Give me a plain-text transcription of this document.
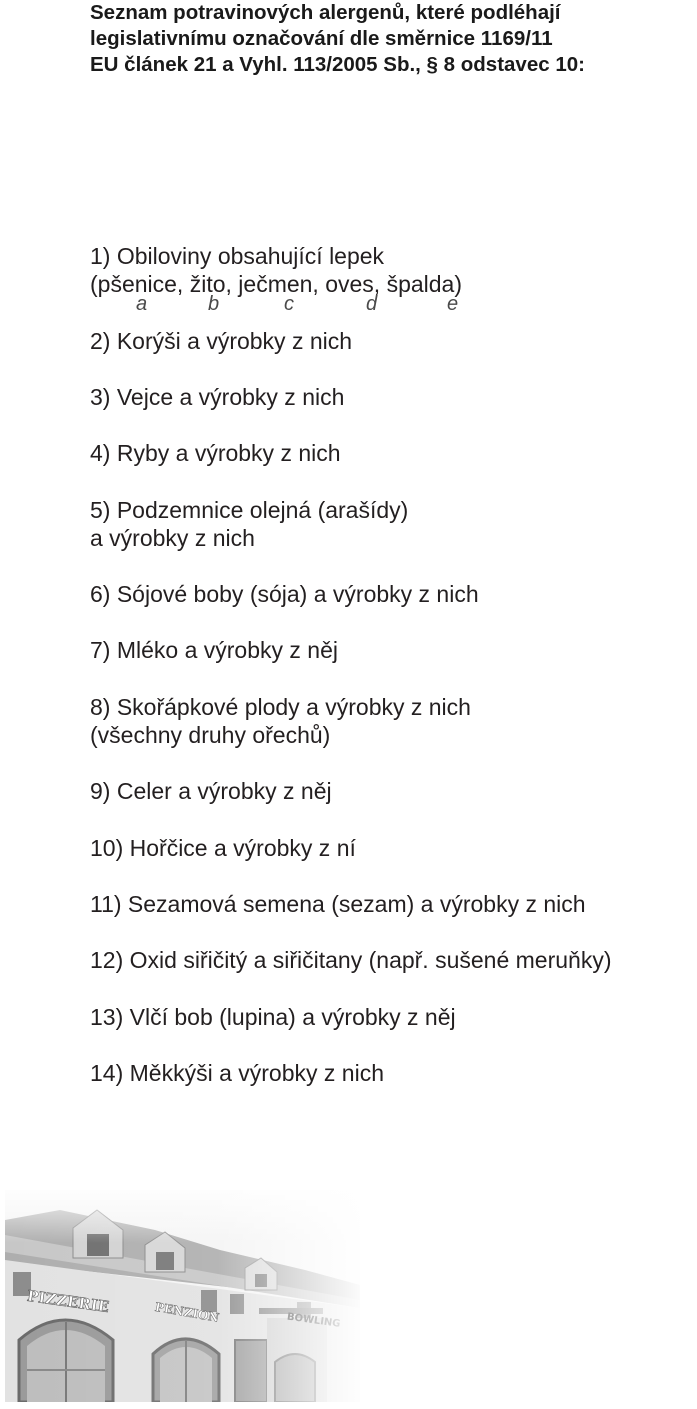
Seznam potravinových alergenů, které podléhají
legislativnímu označování dle směrnice 1169/11
EU článek 21 a Vyhl. 113/2005 Sb., § 8 odstavec 10:
1) Obiloviny obsahující lepek
(pšenice, žito, ječmen, oves, špalda)
2) Korýši a výrobky z nich
3) Vejce a výrobky z nich
4) Ryby a výrobky z nich
5) Podzemnice olejná (arašídy)
a výrobky z nich
6) Sójové boby (sója) a výrobky z nich
7) Mléko a výrobky z něj
8) Skořápkové plody a výrobky z nich
(všechny druhy ořechů)
9) Celer a výrobky z něj
10) Hořčice a výrobky z ní
11) Sezamová semena (sezam) a výrobky z nich
12) Oxid siřičitý a siřičitany (např. sušené meruňky)
13) Vlčí bob (lupina) a výrobky z něj
14) Měkkýši a výrobky z nich
a	b	c	d	e
